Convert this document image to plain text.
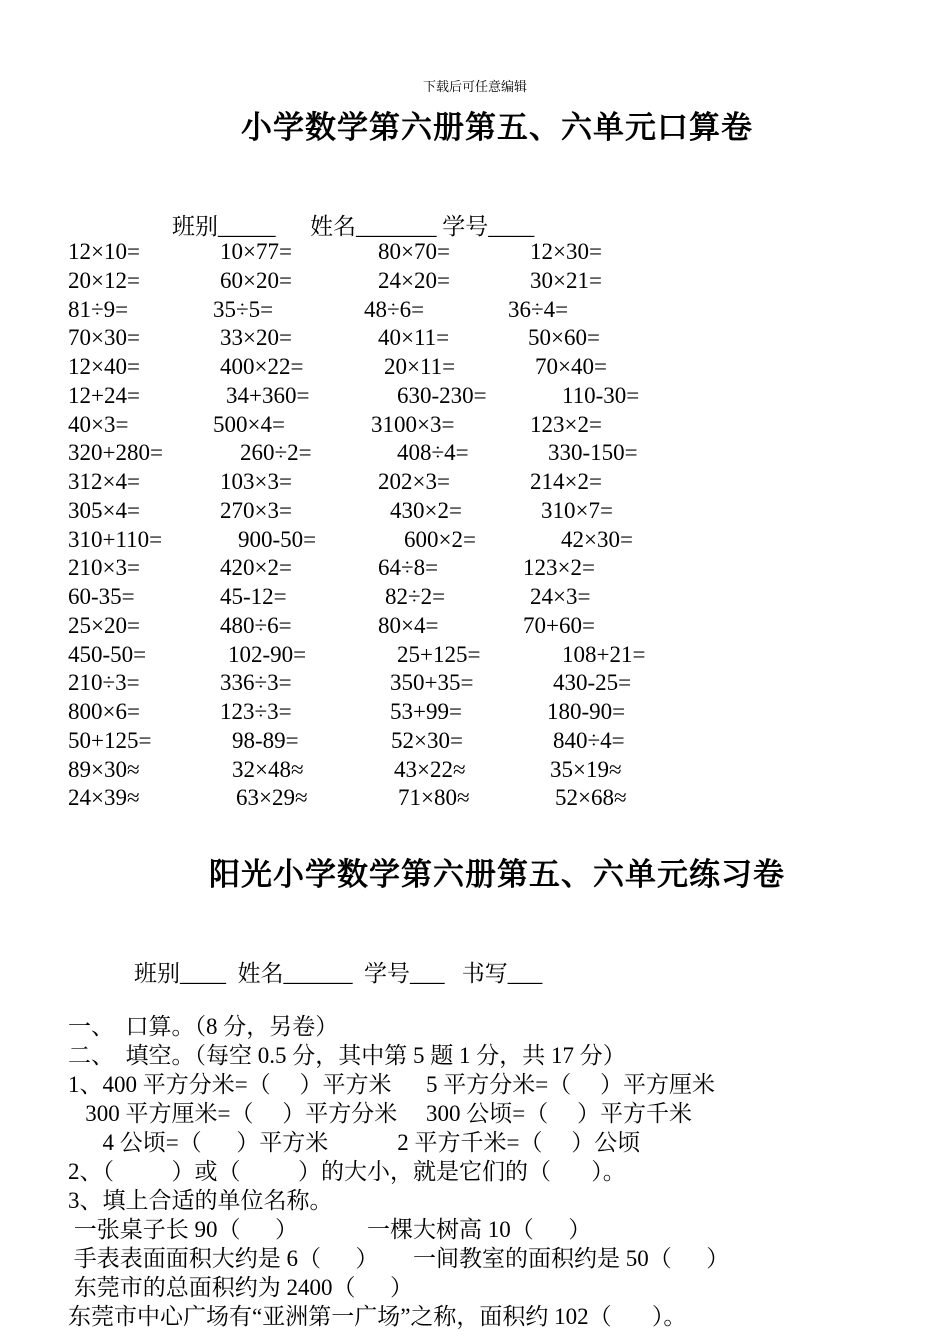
下载后可任意编辑
小学数学第六册第五、六单元口算卷
班别_____      姓名_______ 学号____
12×10=	10×77=	80×70=	12×30=
20×12=	60×20=	24×20=	30×21=
81÷9=	35÷5=	48÷6=	36÷4=
70×30=	33×20=	40×11=	50×60=
12×40=	400×22=	20×11=	70×40=
12+24=	34+360=	630-230=	110-30=
40×3=	500×4=	3100×3=	123×2=
320+280=	260÷2=	408÷4=	330-150=
312×4=	103×3=	202×3=	214×2=
305×4=	270×3=	430×2=	310×7=
310+110=	900-50=	600×2=	42×30=
210×3=	420×2=	64÷8=	123×2=
60-35=	45-12=	82÷2=	24×3=
25×20=	480÷6=	80×4=	70+60=
450-50=	102-90=	25+125=	108+21=
210÷3=	336÷3=	350+35=	430-25=
800×6=	123÷3=	53+99=	180-90=
50+125=	98-89=	52×30=	840÷4=
89×30≈	32×48≈	43×22≈	35×19≈
24×39≈	63×29≈	71×80≈	52×68≈
阳光小学数学第六册第五、六单元练习卷
班别____  姓名______  学号___   书写___
一、  口算。（8 分，另卷）
二、  填空。（每空 0.5 分，其中第 5 题 1 分，共 17 分）
1、400 平方分米=（     ）平方米      5 平方分米=（     ）平方厘米
300 平方厘米=（     ）平方分米     300 公顷=（     ）平方千米
4 公顷=（      ）平方米            2 平方千米=（     ）公顷
2、（          ）或（          ）的大小，就是它们的（       ）。
3、填上合适的单位名称。
一张桌子长 90（      ）            一棵大树高 10（      ）
手表表面面积大约是 6（      ）      一间教室的面积约是 50（      ）
东莞市的总面积约为 2400（      ）
东莞市中心广场有“亚洲第一广场”之称，面积约 102（       ）。
